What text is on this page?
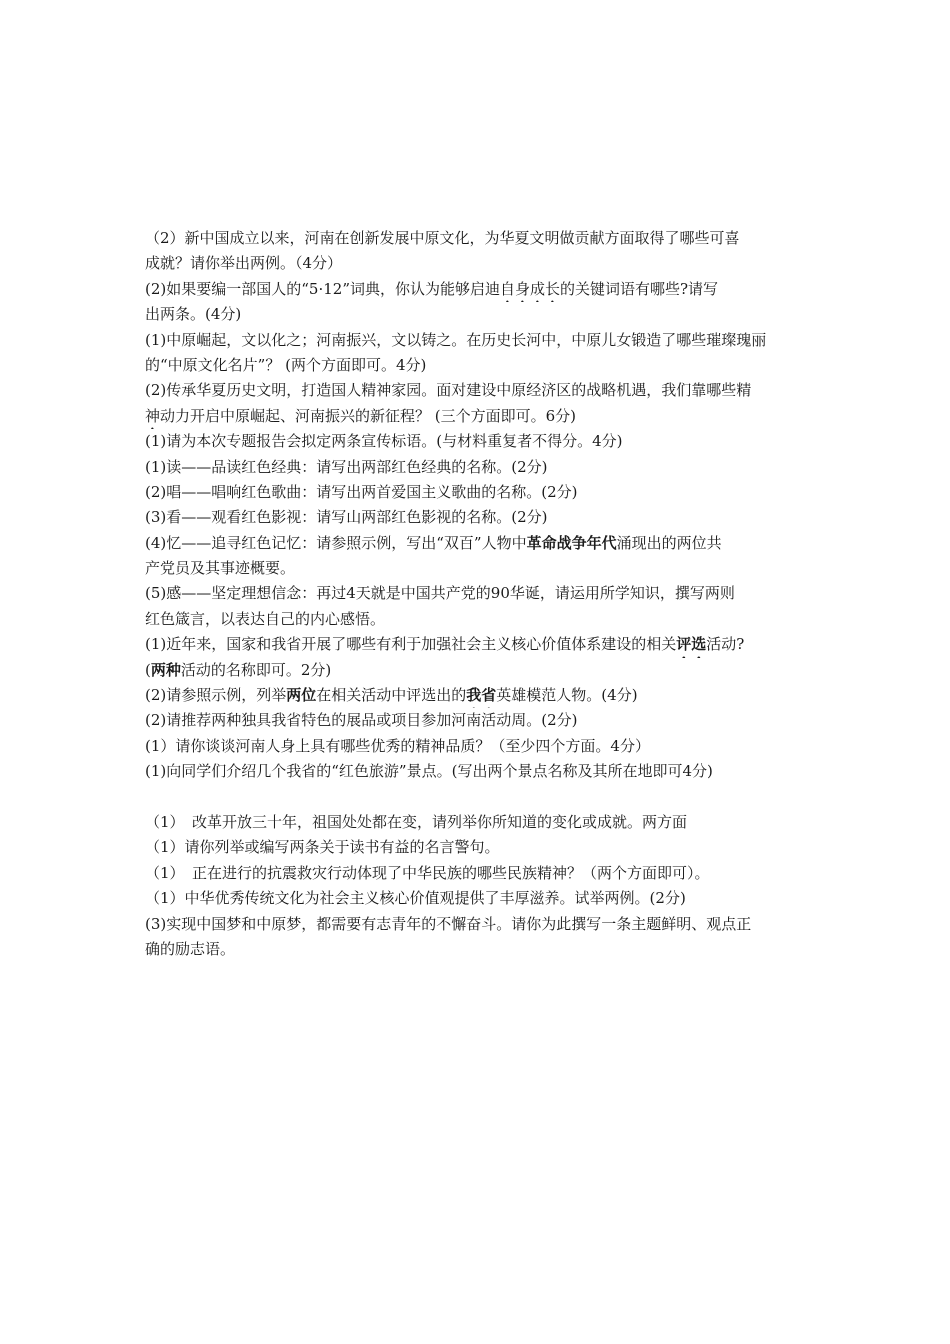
（2）新中国成立以来，河南在创新发展中原文化，为华夏文明做贡献方面取得了哪些可喜
成就？请你举出两例。（4分）
(2)如果要编一部国人的“5·12”词典，你认为能够启迪自身成长的关键词语有哪些?请写
出两条。(4分)
(1)中原崛起，文以化之；河南振兴，文以铸之。在历史长河中，中原儿女锻造了哪些璀璨瑰丽
的“中原文化名片”？ (两个方面即可。4分)
(2)传承华夏历史文明，打造国人精神家园。面对建设中原经济区的战略机遇，我们靠哪些精
神动力开启中原崛起、河南振兴的新征程？ (三个方面即可。6分)
(1)请为本次专题报告会拟定两条宣传标语。(与材料重复者不得分。4分)
(1)读——品读红色经典：请写出两部红色经典的名称。(2分)
(2)唱——唱响红色歌曲：请写出两首爱国主义歌曲的名称。(2分)
(3)看——观看红色影视：请写山两部红色影视的名称。(2分)
(4)忆——追寻红色记忆：请参照示例，写出“双百”人物中革命战争年代涌现出的两位共
产党员及其事迹概要。
(5)感——坚定理想信念：再过4天就是中国共产党的90华诞，请运用所学知识，撰写两则
红色箴言，以表达自己的内心感悟。
(1)近年来，国家和我省开展了哪些有利于加强社会主义核心价值体系建设的相关评选活动?
(两种活动的名称即可。2分)
(2)请参照示例，列举两位在相关活动中评选出的我省英雄模范人物。(4分)
(2)请推荐两种独具我省特色的展品或项目参加河南活动周。(2分)
(1）请你谈谈河南人身上具有哪些优秀的精神品质？（至少四个方面。4分）
(1)向同学们介绍几个我省的“红色旅游”景点。(写出两个景点名称及其所在地即可4分)
（1）　改革开放三十年，祖国处处都在变，请列举你所知道的变化或成就。两方面
（1）请你列举或编写两条关于读书有益的名言警句。
（1）　正在进行的抗震救灾行动体现了中华民族的哪些民族精神？（两个方面即可）。
（1）中华优秀传统文化为社会主义核心价值观提供了丰厚滋养。试举两例。(2分)
(3)实现中国梦和中原梦，都需要有志青年的不懈奋斗。请你为此撰写一条主题鲜明、观点正
确的励志语。
